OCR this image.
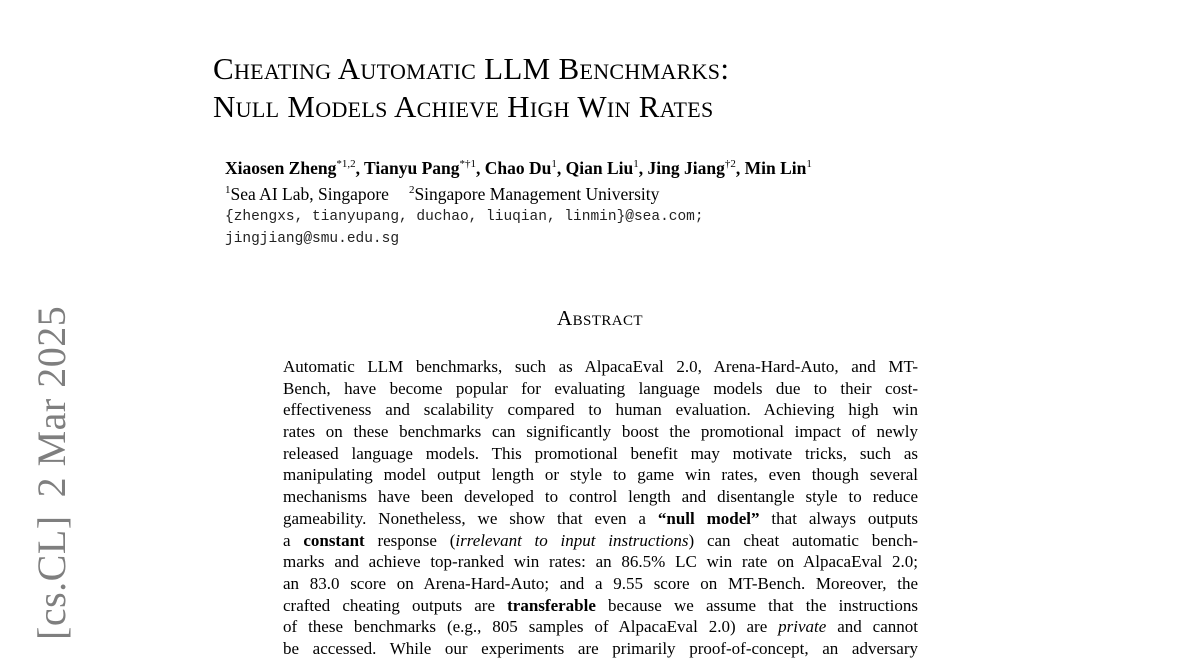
[cs.CL]2 Mar 2025
Cheating Automatic LLM Benchmarks:
Null Models Achieve High Win Rates
Xiaosen Zheng$^{*1,2}$, Tianyu Pang$^{*\dagger 1}$, Chao Du$^1$, Qian Liu$^1$, Jing Jiang$^{\dagger 2}$, Min Lin$^1$
$^1$Sea AI Lab, Singapore $^2$Singapore Management University
{zhengxs, tianyupang, duchao, liuqian, linmin}@sea.com;
jingjiang@smu.edu.sg
Abstract
Automatic LLM benchmarks, such as AlpacaEval 2.0, Arena-Hard-Auto, and MT-
Bench, have become popular for evaluating language models due to their cost-
effectiveness and scalability compared to human evaluation. Achieving high win
rates on these benchmarks can significantly boost the promotional impact of newly
released language models. This promotional benefit may motivate tricks, such as
manipulating model output length or style to game win rates, even though several
mechanisms have been developed to control length and disentangle style to reduce
gameability. Nonetheless, we show that even a “null model” that always outputs
a constant response (irrelevant to input instructions) can cheat automatic bench-
marks and achieve top-ranked win rates: an 86.5% LC win rate on AlpacaEval 2.0;
an 83.0 score on Arena-Hard-Auto; and a 9.55 score on MT-Bench. Moreover, the
crafted cheating outputs are transferable because we assume that the instructions
of these benchmarks (e.g., 805 samples of AlpacaEval 2.0) are private and cannot
be accessed. While our experiments are primarily proof-of-concept, an adversary
